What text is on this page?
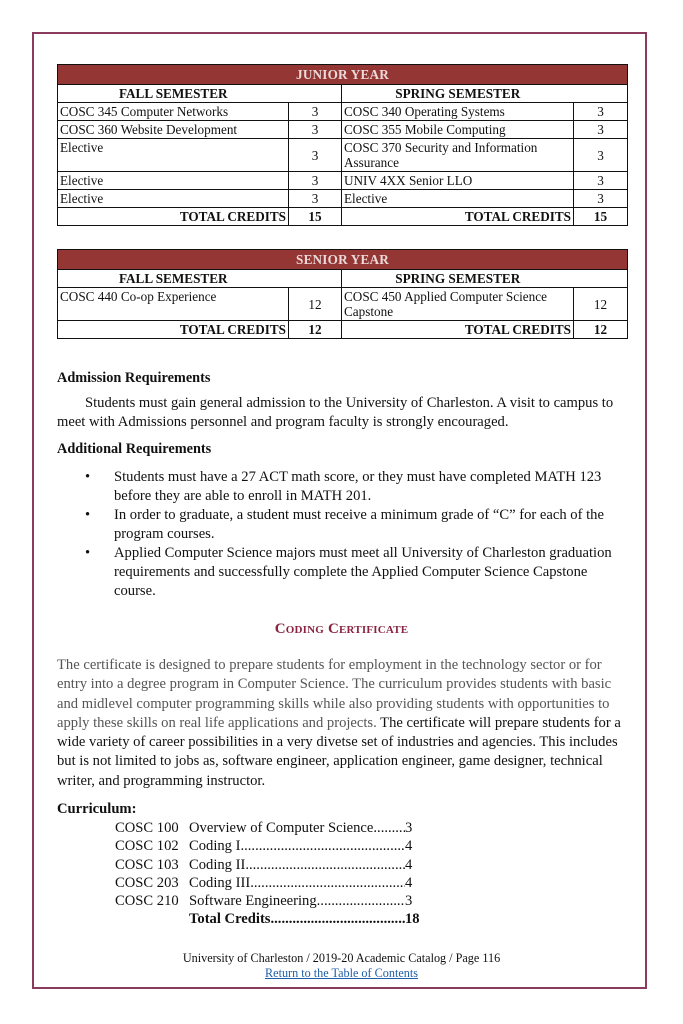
JUNIOR YEAR			
FALL SEMESTER		SPRING SEMESTER	
COSC 345 Computer Networks	3	COSC 340 Operating Systems	3
COSC 360 Website Development	3	COSC 355 Mobile Computing	3
Elective	3	COSC 370 Security and Information Assurance	3
Elective	3	UNIV 4XX Senior LLO	3
Elective	3	Elective	3
TOTAL CREDITS	15	TOTAL CREDITS	15
SENIOR YEAR			
FALL SEMESTER		SPRING SEMESTER	
COSC 440 Co-op Experience	12	COSC 450 Applied Computer Science Capstone	12
TOTAL CREDITS	12	TOTAL CREDITS	12
Admission Requirements
Students must gain general admission to the University of Charleston. A visit to campus to meet with Admissions personnel and program faculty is strongly encouraged.
Additional Requirements
• Students must have a 27 ACT math score, or they must have completed MATH 123 before they are able to enroll in MATH 201.
• In order to graduate, a student must receive a minimum grade of “C” for each of the program courses.
• Applied Computer Science majors must meet all University of Charleston graduation requirements and successfully complete the Applied Computer Science Capstone course.
Coding Certificate
The certificate is designed to prepare students for employment in the technology sector or for entry into a degree program in Computer Science. The curriculum provides students with basic and midlevel computer programming skills while also providing students with opportunities to apply these skills on real life applications and projects. The certificate will prepare students for a wide variety of career possibilities in a very divetse set of industries and agencies. This includes but is not limited to jobs as, software engineer, application engineer, game designer, technical writer, and programming instructor.
Curriculum:
COSC 100 Overview of Computer Science ..... 3
COSC 102 Coding I .....	4
COSC 103 Coding II .....	4
COSC 203 Coding III .....	4
COSC 210 Software Engineering .....	3
Total Credits .....	18
University of Charleston / 2019-20 Academic Catalog / Page 116
Return to the Table of Contents
